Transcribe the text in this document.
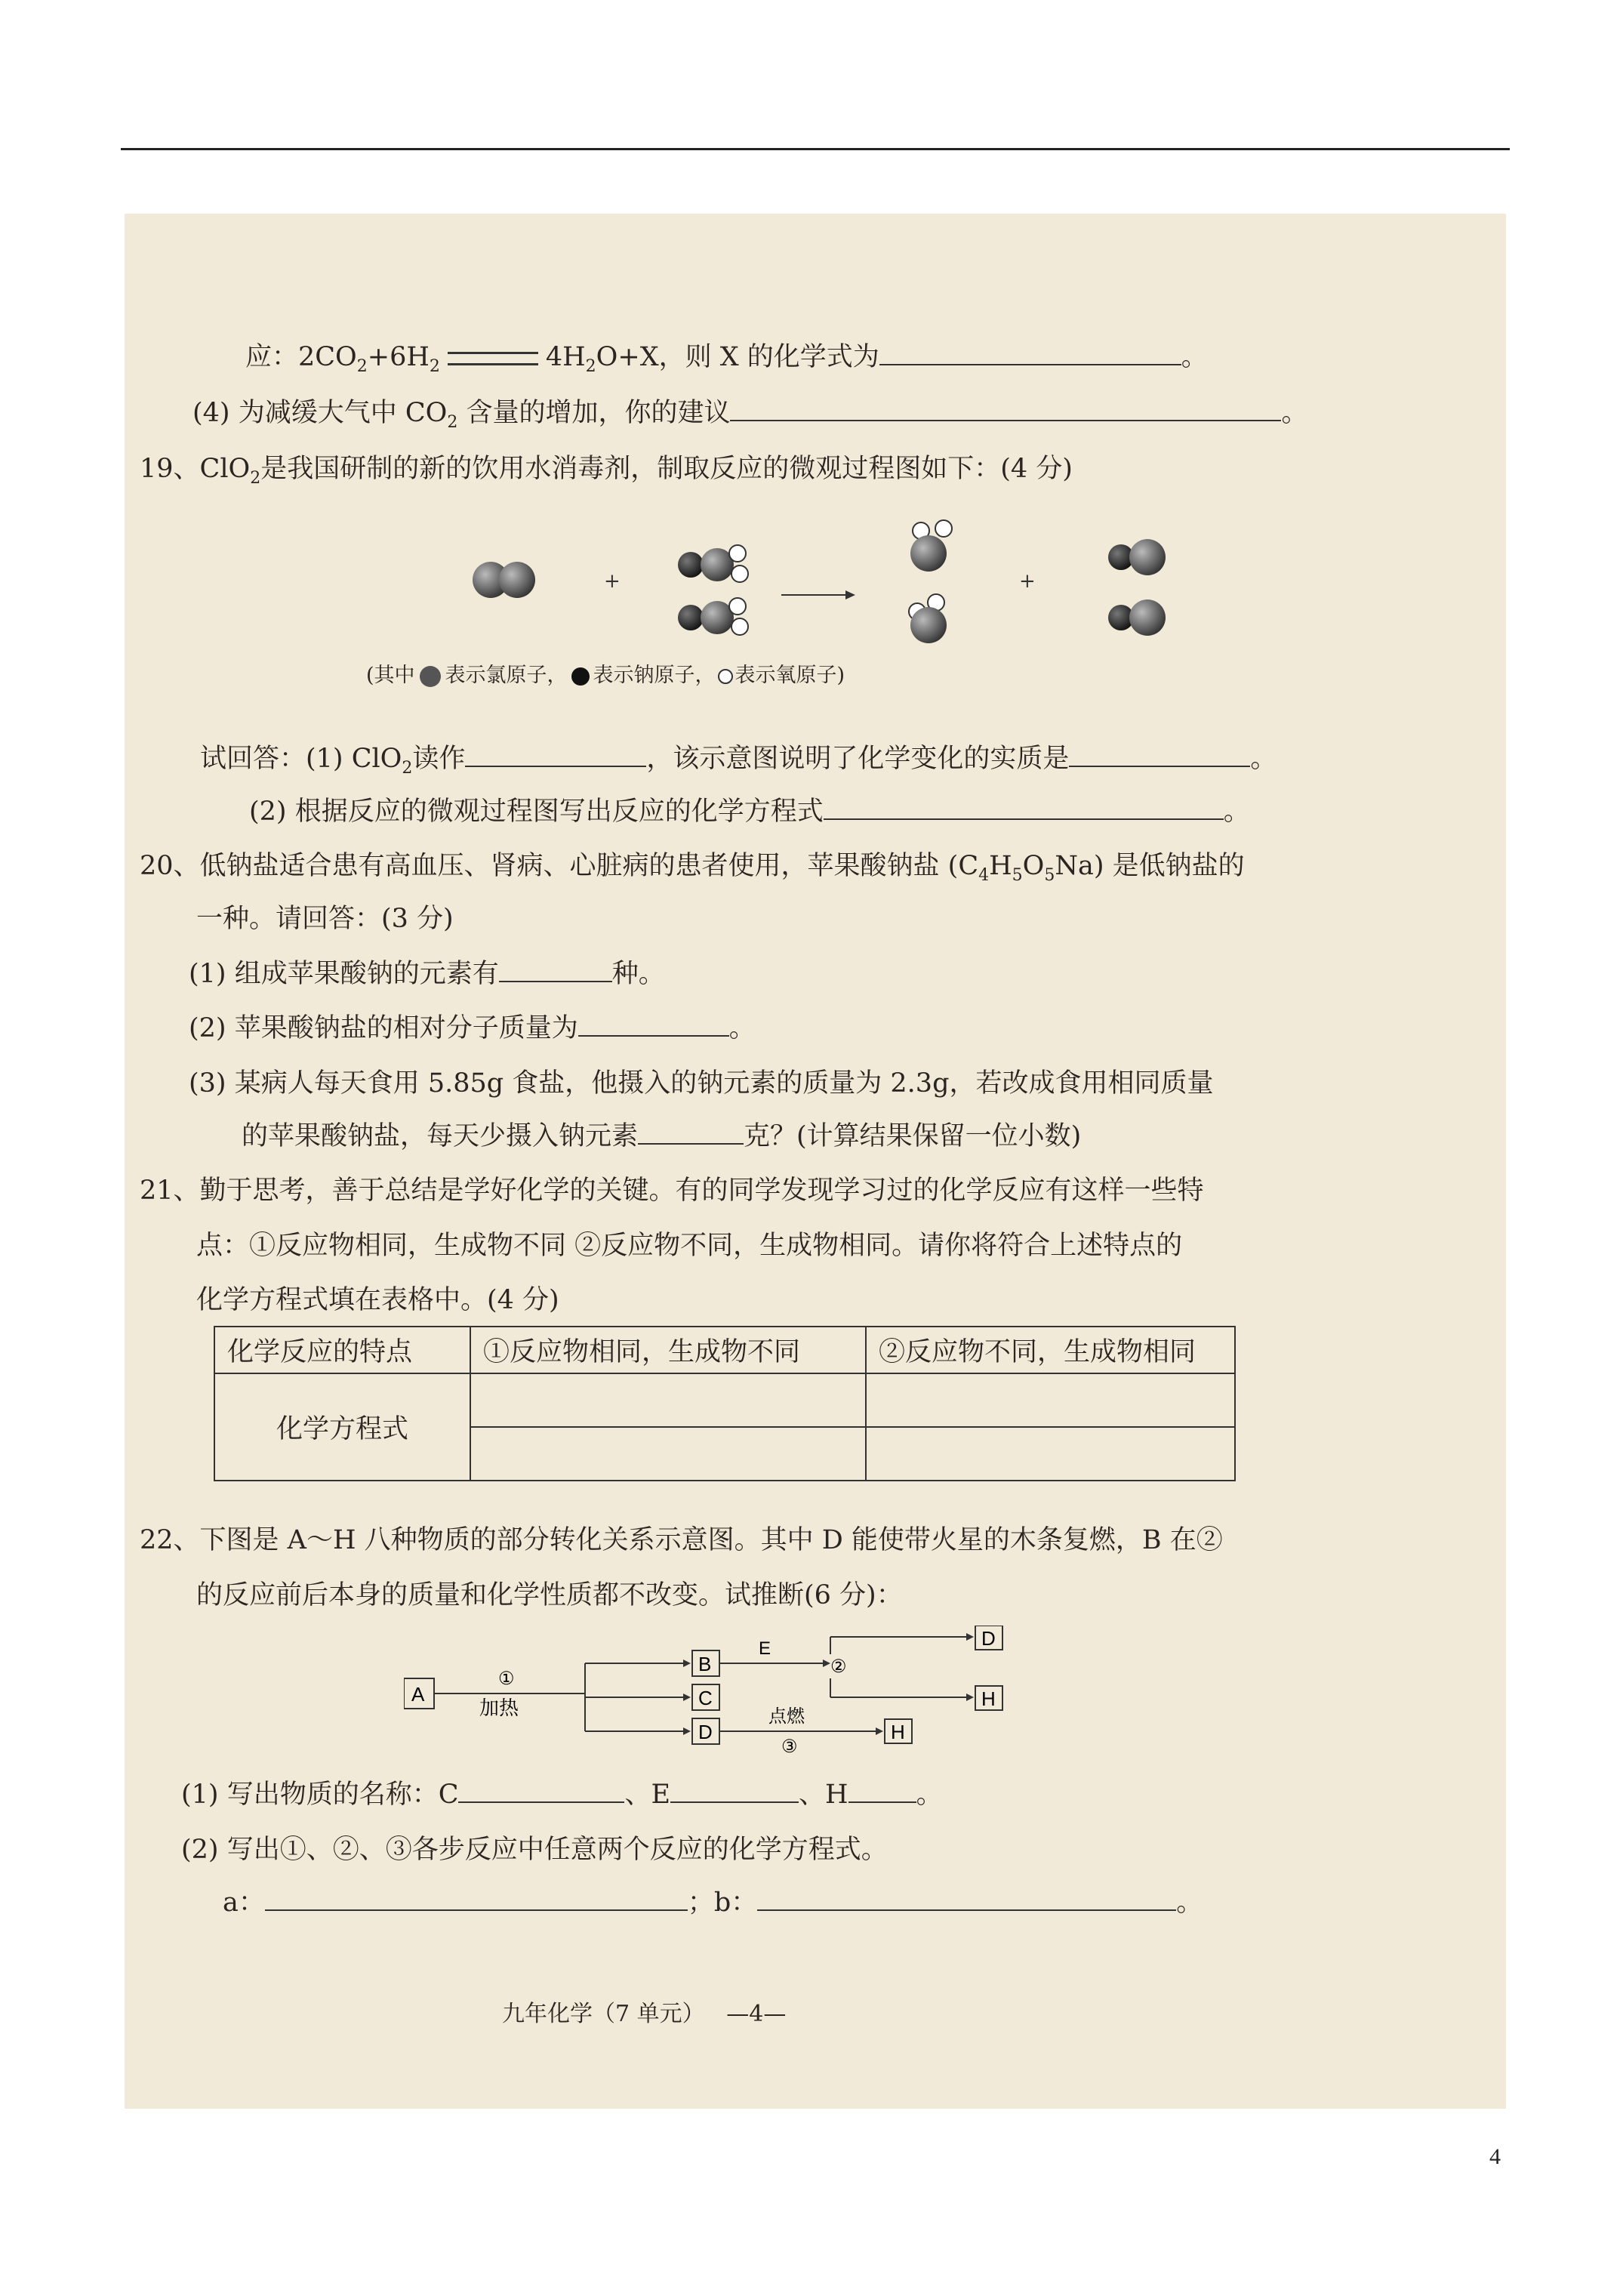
应：$2CO_2+6H_2$	$4H_2O+X$，则 X 的化学式为	。
(4) 为减缓大气中 $CO_2$ 含量的增加，你的建议	。
19、ClO$_2$是我国研制的新的饮用水消毒剂，制取反应的微观过程图如下：(4 分)
+	+
(其中 表示氯原子， 表示钠原子， 表示氧原子)
试回答：(1) ClO$_2$读作	，该示意图说明了化学变化的实质是	。
(2) 根据反应的微观过程图写出反应的化学方程式	。
20、低钠盐适合患有高血压、肾病、心脏病的患者使用，苹果酸钠盐 $(C_4H_5O_5Na)$ 是低钠盐的
一种。请回答：(3 分)
(1) 组成苹果酸钠的元素有	种。
(2) 苹果酸钠盐的相对分子质量为	。
(3) 某病人每天食用 5.85g 食盐，他摄入的钠元素的质量为 2.3g，若改成食用相同质量
的苹果酸钠盐，每天少摄入钠元素	克？(计算结果保留一位小数)
21、勤于思考，善于总结是学好化学的关键。有的同学发现学习过的化学反应有这样一些特
点：①反应物相同，生成物不同 ②反应物不同，生成物相同。请你将符合上述特点的
化学方程式填在表格中。(4 分)
化学反应的特点	①反应物相同，生成物不同	②反应物不同，生成物相同
化学方程式		

22、下图是 A～H 八种物质的部分转化关系示意图。其中 D 能使带火星的木条复燃，B 在②
的反应前后本身的质量和化学性质都不改变。试推断(6 分)：
A
①
加热
B
C
D
E
②
D
H
点燃
③
H
(1) 写出物质的名称：C	、E	、H	。
(2) 写出①、②、③各步反应中任意两个反应的化学方程式。
a：	；b：	。
九年化学（7 单元） —4—
4
